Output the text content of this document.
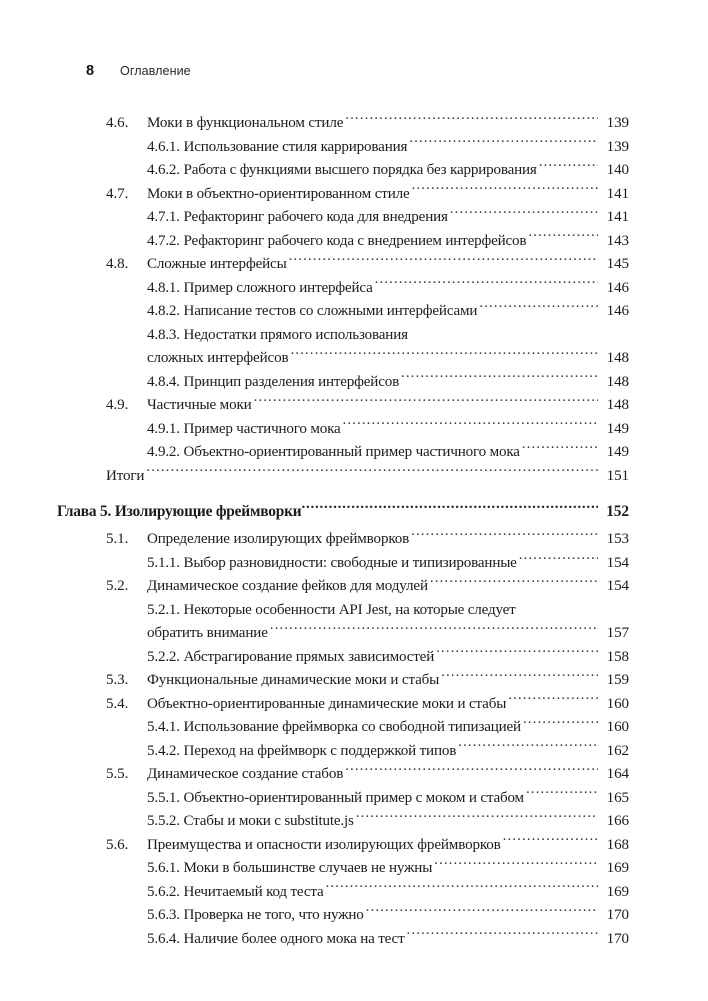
8	Оглавление
4.6.	Моки в функциональном стиле .....	139
4.6.1. Использование стиля каррирования .....	139
4.6.2. Работа с функциями высшего порядка без каррирования .....	140
4.7.	Моки в объектно-ориентированном стиле .....	141
4.7.1. Рефакторинг рабочего кода для внедрения .....	141
4.7.2. Рефакторинг рабочего кода с внедрением интерфейсов .....	143
4.8.	Сложные интерфейсы .....	145
4.8.1. Пример сложного интерфейса .....	146
4.8.2. Написание тестов со сложными интерфейсами .....	146
4.8.3. Недостатки прямого использования
сложных интерфейсов .....	148
4.8.4. Принцип разделения интерфейсов .....	148
4.9.	Частичные моки .....	148
4.9.1. Пример частичного мока .....	149
4.9.2. Объектно-ориентированный пример частичного мока .....	149
Итоги .....	151
Глава 5. Изолирующие фреймворки .....	152
5.1.	Определение изолирующих фреймворков .....	153
5.1.1. Выбор разновидности: свободные и типизированные .....	154
5.2.	Динамическое создание фейков для модулей .....	154
5.2.1. Некоторые особенности API Jest, на которые следует
обратить внимание .....	157
5.2.2. Абстрагирование прямых зависимостей .....	158
5.3.	Функциональные динамические моки и стабы .....	159
5.4.	Объектно-ориентированные динамические моки и стабы .....	160
5.4.1. Использование фреймворка со свободной типизацией .....	160
5.4.2. Переход на фреймворк с поддержкой типов .....	162
5.5.	Динамическое создание стабов .....	164
5.5.1. Объектно-ориентированный пример с моком и стабом .....	165
5.5.2. Стабы и моки с substitute.js .....	166
5.6.	Преимущества и опасности изолирующих фреймворков .....	168
5.6.1. Моки в большинстве случаев не нужны .....	169
5.6.2. Нечитаемый код теста .....	169
5.6.3. Проверка не того, что нужно .....	170
5.6.4. Наличие более одного мока на тест .....	170
